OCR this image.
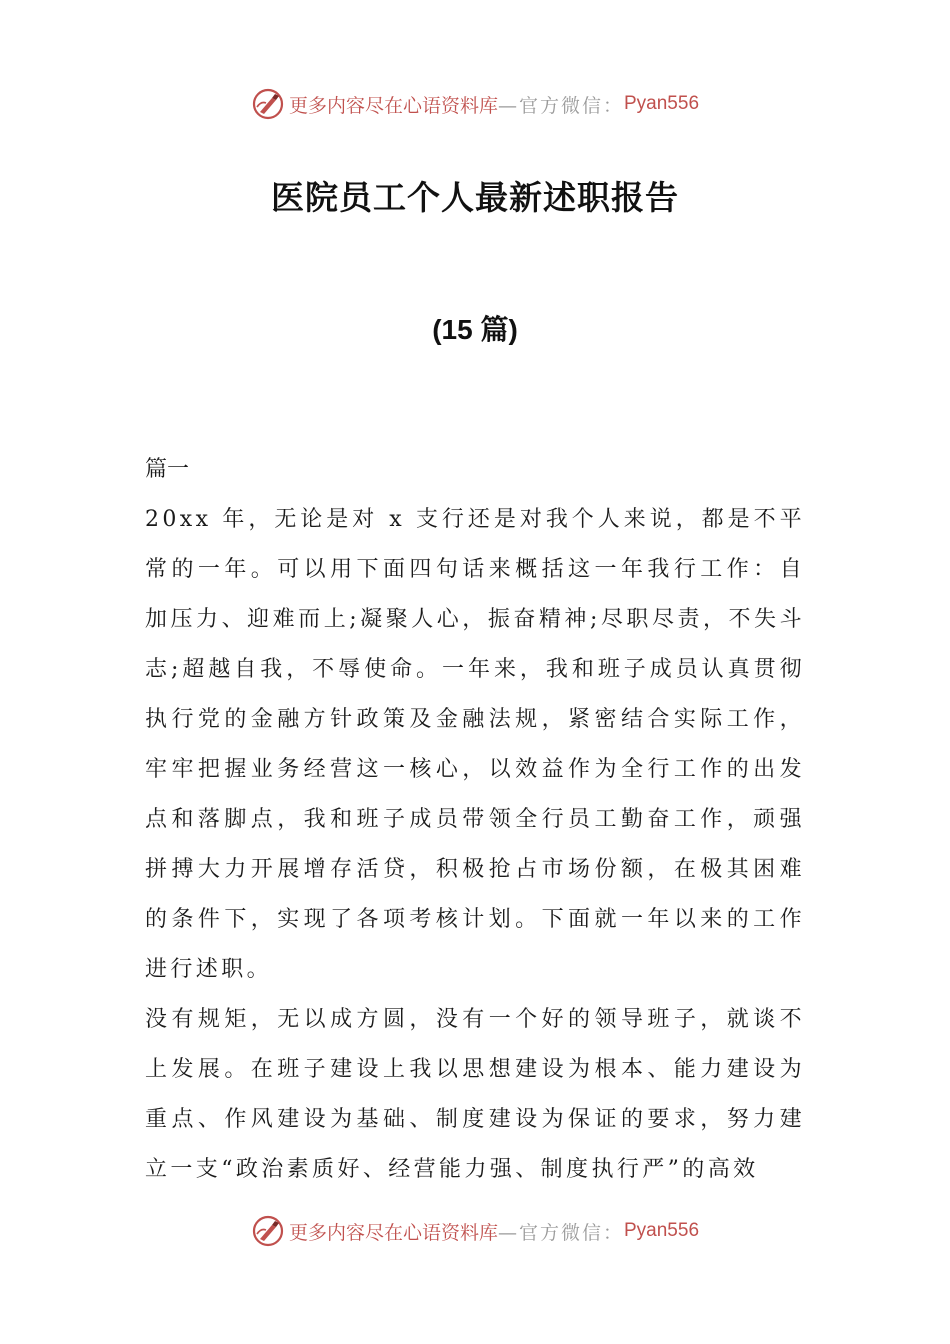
更多内容尽在心语资料库 —官方微信： Pyan556
医院员工个人最新述职报告
(15 篇)

篇一

20xx 年，无论是对 x 支行还是对我个人来说，都是不平常的一年。可以用下面四句话来概括这一年我行工作：自加压力、迎难而上;凝聚人心，振奋精神;尽职尽责，不失斗志;超越自我，不辱使命。一年来，我和班子成员认真贯彻执行党的金融方针政策及金融法规，紧密结合实际工作，牢牢把握业务经营这一核心，以效益作为全行工作的出发点和落脚点，我和班子成员带领全行员工勤奋工作，顽强拼搏大力开展增存活贷，积极抢占市场份额，在极其困难的条件下，实现了各项考核计划。下面就一年以来的工作进行述职。

没有规矩，无以成方圆，没有一个好的领导班子，就谈不上发展。在班子建设上我以思想建设为根本、能力建设为重点、作风建设为基础、制度建设为保证的要求，努力建立一支“政治素质好、经营能力强、制度执行严”的高效

更多内容尽在心语资料库 —官方微信： Pyan556
